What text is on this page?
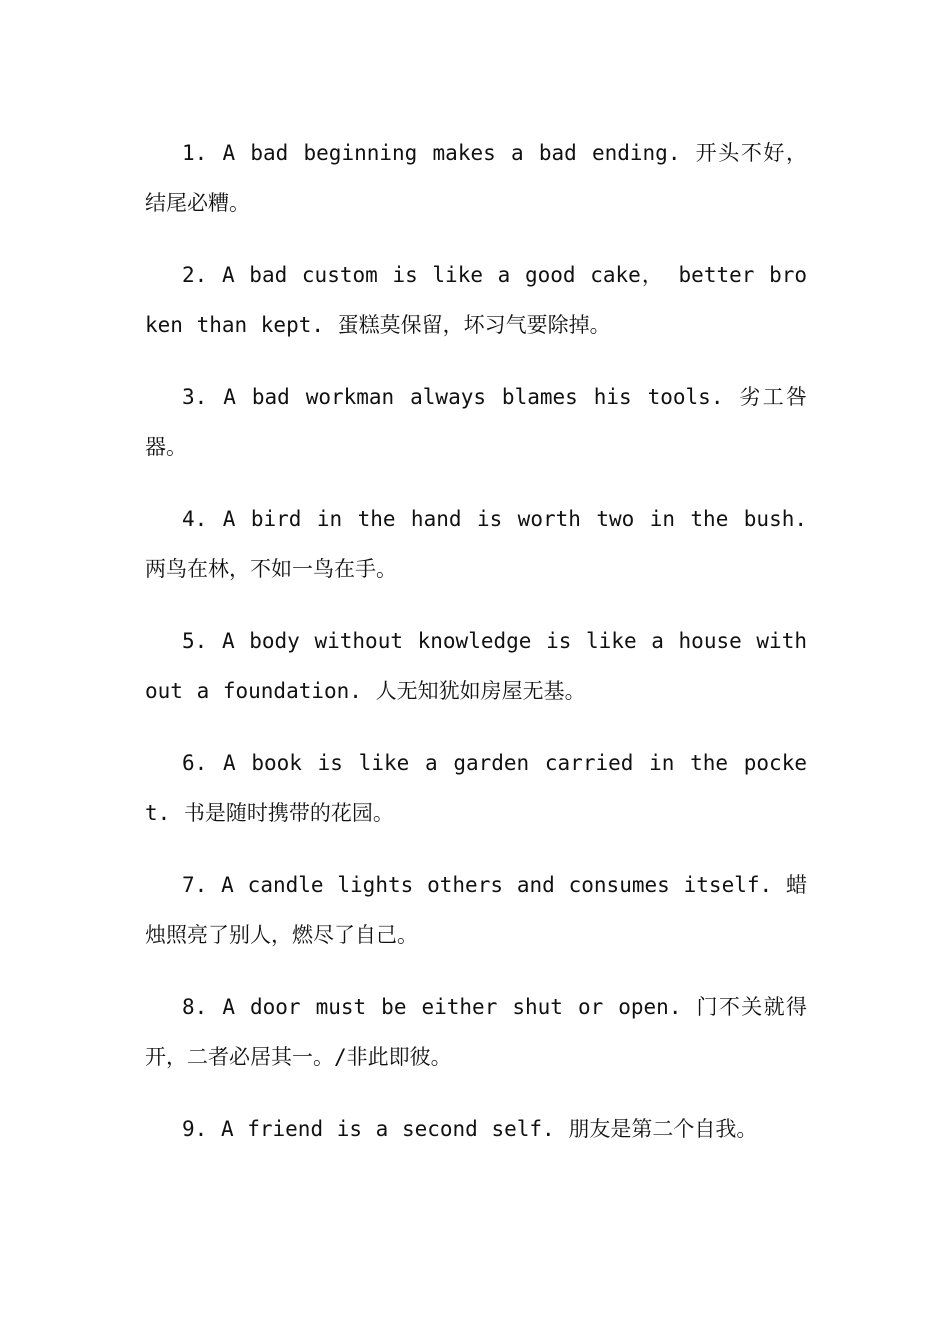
1. A bad beginning makes a bad ending. 开头不好，结尾必糟。

2. A bad custom is like a good cake， better broken than kept. 蛋糕莫保留，坏习气要除掉。

3. A bad workman always blames his tools. 劣工咎器。

4. A bird in the hand is worth two in the bush. 两鸟在林，不如一鸟在手。

5. A body without knowledge is like a house without a foundation. 人无知犹如房屋无基。

6. A book is like a garden carried in the pocket. 书是随时携带的花园。

7. A candle lights others and consumes itself. 蜡烛照亮了别人，燃尽了自己。

8. A door must be either shut or open. 门不关就得开，二者必居其一。/非此即彼。

9. A friend is a second self. 朋友是第二个自我。
